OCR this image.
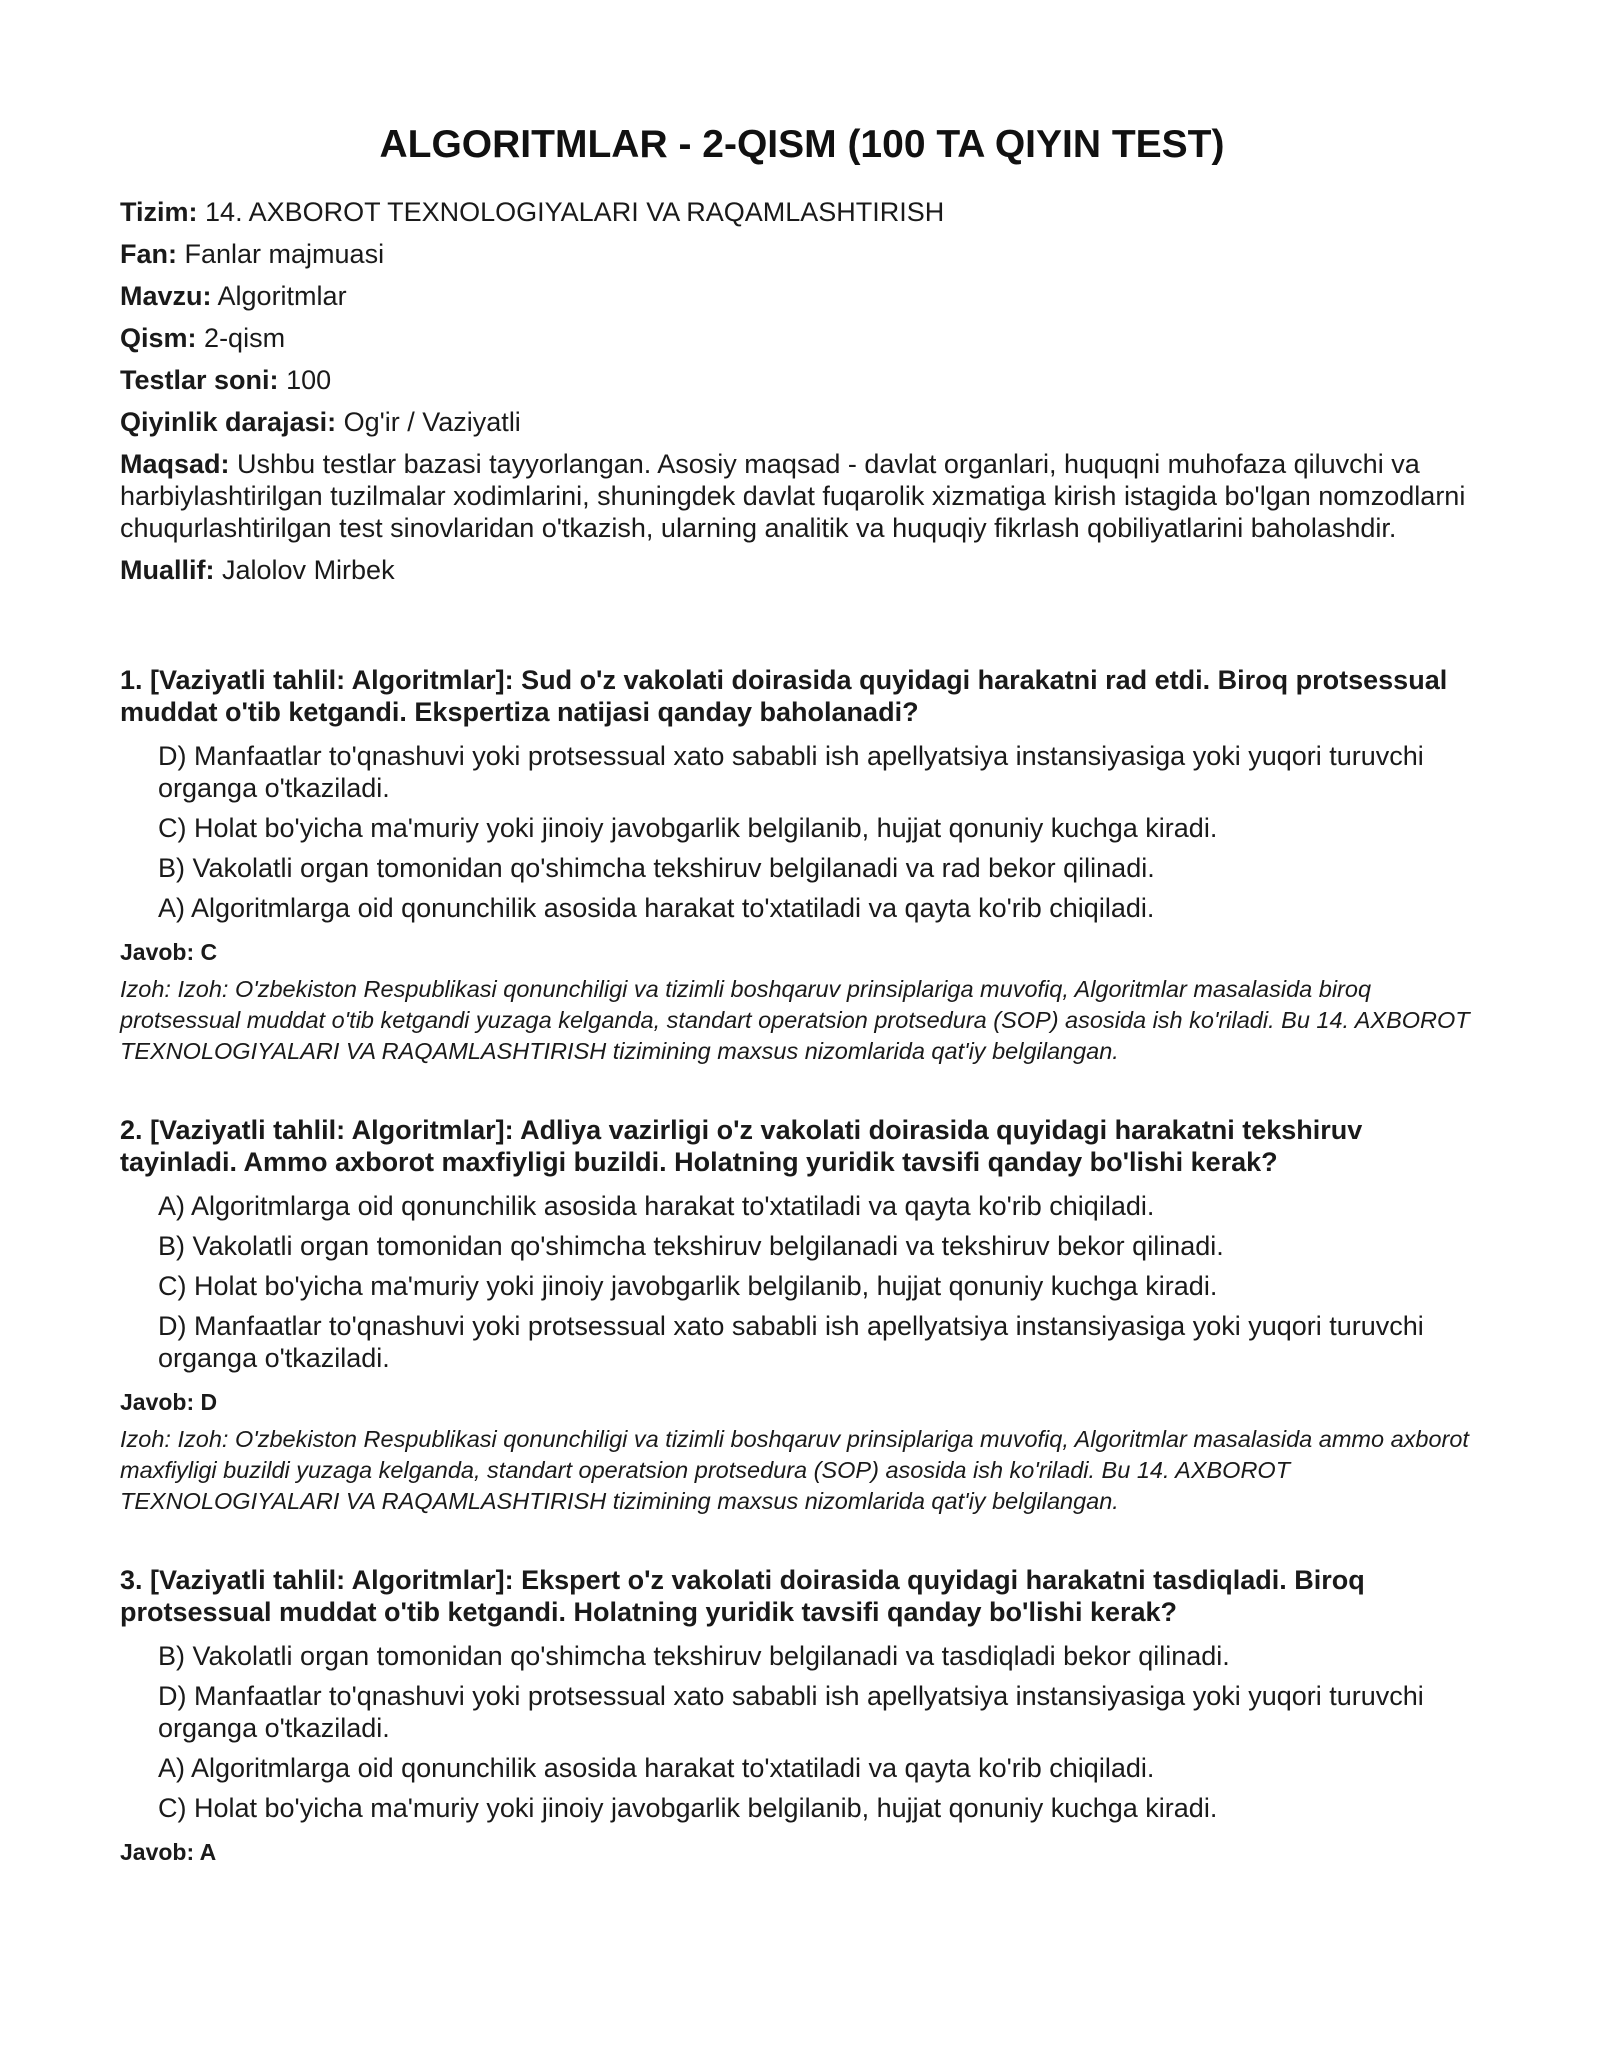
ALGORITMLAR - 2-QISM (100 TA QIYIN TEST)
Tizim: 14. AXBOROT TEXNOLOGIYALARI VA RAQAMLASHTIRISH
Fan: Fanlar majmuasi
Mavzu: Algoritmlar
Qism: 2-qism
Testlar soni: 100
Qiyinlik darajasi: Og'ir / Vaziyatli
Maqsad: Ushbu testlar bazasi tayyorlangan. Asosiy maqsad - davlat organlari, huquqni muhofaza qiluvchi va harbiylashtirilgan tuzilmalar xodimlarini, shuningdek davlat fuqarolik xizmatiga kirish istagida bo'lgan nomzodlarni chuqurlashtirilgan test sinovlaridan o'tkazish, ularning analitik va huquqiy fikrlash qobiliyatlarini baholashdir.
Muallif: Jalolov Mirbek

1. [Vaziyatli tahlil: Algoritmlar]: Sud o'z vakolati doirasida quyidagi harakatni rad etdi. Biroq protsessual muddat o'tib ketgandi. Ekspertiza natijasi qanday baholanadi?

D) Manfaatlar to'qnashuvi yoki protsessual xato sababli ish apellyatsiya instansiyasiga yoki yuqori turuvchi organga o'tkaziladi.
C) Holat bo'yicha ma'muriy yoki jinoiy javobgarlik belgilanib, hujjat qonuniy kuchga kiradi.
B) Vakolatli organ tomonidan qo'shimcha tekshiruv belgilanadi va rad bekor qilinadi.
A) Algoritmlarga oid qonunchilik asosida harakat to'xtatiladi va qayta ko'rib chiqiladi.
Javob: C
Izoh: Izoh: O'zbekiston Respublikasi qonunchiligi va tizimli boshqaruv prinsiplariga muvofiq, Algoritmlar masalasida biroq protsessual muddat o'tib ketgandi yuzaga kelganda, standart operatsion protsedura (SOP) asosida ish ko'riladi. Bu 14. AXBOROT TEXNOLOGIYALARI VA RAQAMLASHTIRISH tizimining maxsus nizomlarida qat'iy belgilangan.

2. [Vaziyatli tahlil: Algoritmlar]: Adliya vazirligi o'z vakolati doirasida quyidagi harakatni tekshiruv tayinladi. Ammo axborot maxfiyligi buzildi. Holatning yuridik tavsifi qanday bo'lishi kerak?

A) Algoritmlarga oid qonunchilik asosida harakat to'xtatiladi va qayta ko'rib chiqiladi.
B) Vakolatli organ tomonidan qo'shimcha tekshiruv belgilanadi va tekshiruv bekor qilinadi.
C) Holat bo'yicha ma'muriy yoki jinoiy javobgarlik belgilanib, hujjat qonuniy kuchga kiradi.
D) Manfaatlar to'qnashuvi yoki protsessual xato sababli ish apellyatsiya instansiyasiga yoki yuqori turuvchi organga o'tkaziladi.
Javob: D
Izoh: Izoh: O'zbekiston Respublikasi qonunchiligi va tizimli boshqaruv prinsiplariga muvofiq, Algoritmlar masalasida ammo axborot maxfiyligi buzildi yuzaga kelganda, standart operatsion protsedura (SOP) asosida ish ko'riladi. Bu 14. AXBOROT TEXNOLOGIYALARI VA RAQAMLASHTIRISH tizimining maxsus nizomlarida qat'iy belgilangan.

3. [Vaziyatli tahlil: Algoritmlar]: Ekspert o'z vakolati doirasida quyidagi harakatni tasdiqladi. Biroq protsessual muddat o'tib ketgandi. Holatning yuridik tavsifi qanday bo'lishi kerak?

B) Vakolatli organ tomonidan qo'shimcha tekshiruv belgilanadi va tasdiqladi bekor qilinadi.
D) Manfaatlar to'qnashuvi yoki protsessual xato sababli ish apellyatsiya instansiyasiga yoki yuqori turuvchi organga o'tkaziladi.
A) Algoritmlarga oid qonunchilik asosida harakat to'xtatiladi va qayta ko'rib chiqiladi.
C) Holat bo'yicha ma'muriy yoki jinoiy javobgarlik belgilanib, hujjat qonuniy kuchga kiradi.
Javob: A
